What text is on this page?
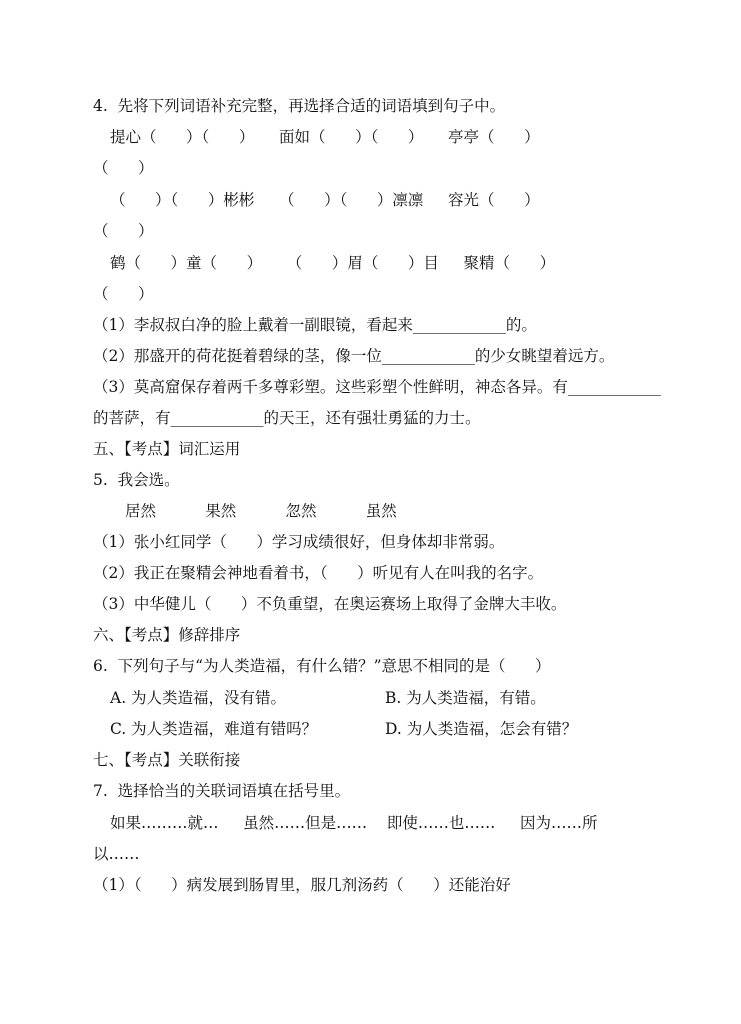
4.  先将下列词语补充完整，再选择合适的词语填到句子中。
提心（      ）（      ）     面如（      ）（      ）     亭亭（      ）
（      ）
（      ）（      ）彬彬     （      ）（      ）凛凛     容光（      ）
（      ）
鹤（      ）童（      ）     （      ）眉（      ）目     聚精（      ）
（      ）
（1）李叔叔白净的脸上戴着一副眼镜，看起来____________的。
（2）那盛开的荷花挺着碧绿的茎，像一位____________的少女眺望着远方。
（3）莫高窟保存着两千多尊彩塑。这些彩塑个性鲜明，神态各异。有____________
的菩萨，有____________的天王，还有强壮勇猛的力士。
五、【考点】词汇运用
5.  我会选。
居然          果然          忽然          虽然
（1）张小红同学（      ）学习成绩很好，但身体却非常弱。
（2）我正在聚精会神地看着书，（      ）听见有人在叫我的名字。
（3）中华健儿（      ）不负重望，在奥运赛场上取得了金牌大丰收。
六、【考点】修辞排序
6.  下列句子与“为人类造福，有什么错？”意思不相同的是（      ）
A. 为人类造福，没有错。	B. 为人类造福，有错。
C. 为人类造福，难道有错吗？	D. 为人类造福，怎会有错？
七、【考点】关联衔接
7.  选择恰当的关联词语填在括号里。
如果………就…     虽然……但是……    即使……也……     因为……所
以……
（1）（      ）病发展到肠胃里，服几剂汤药（      ）还能治好
